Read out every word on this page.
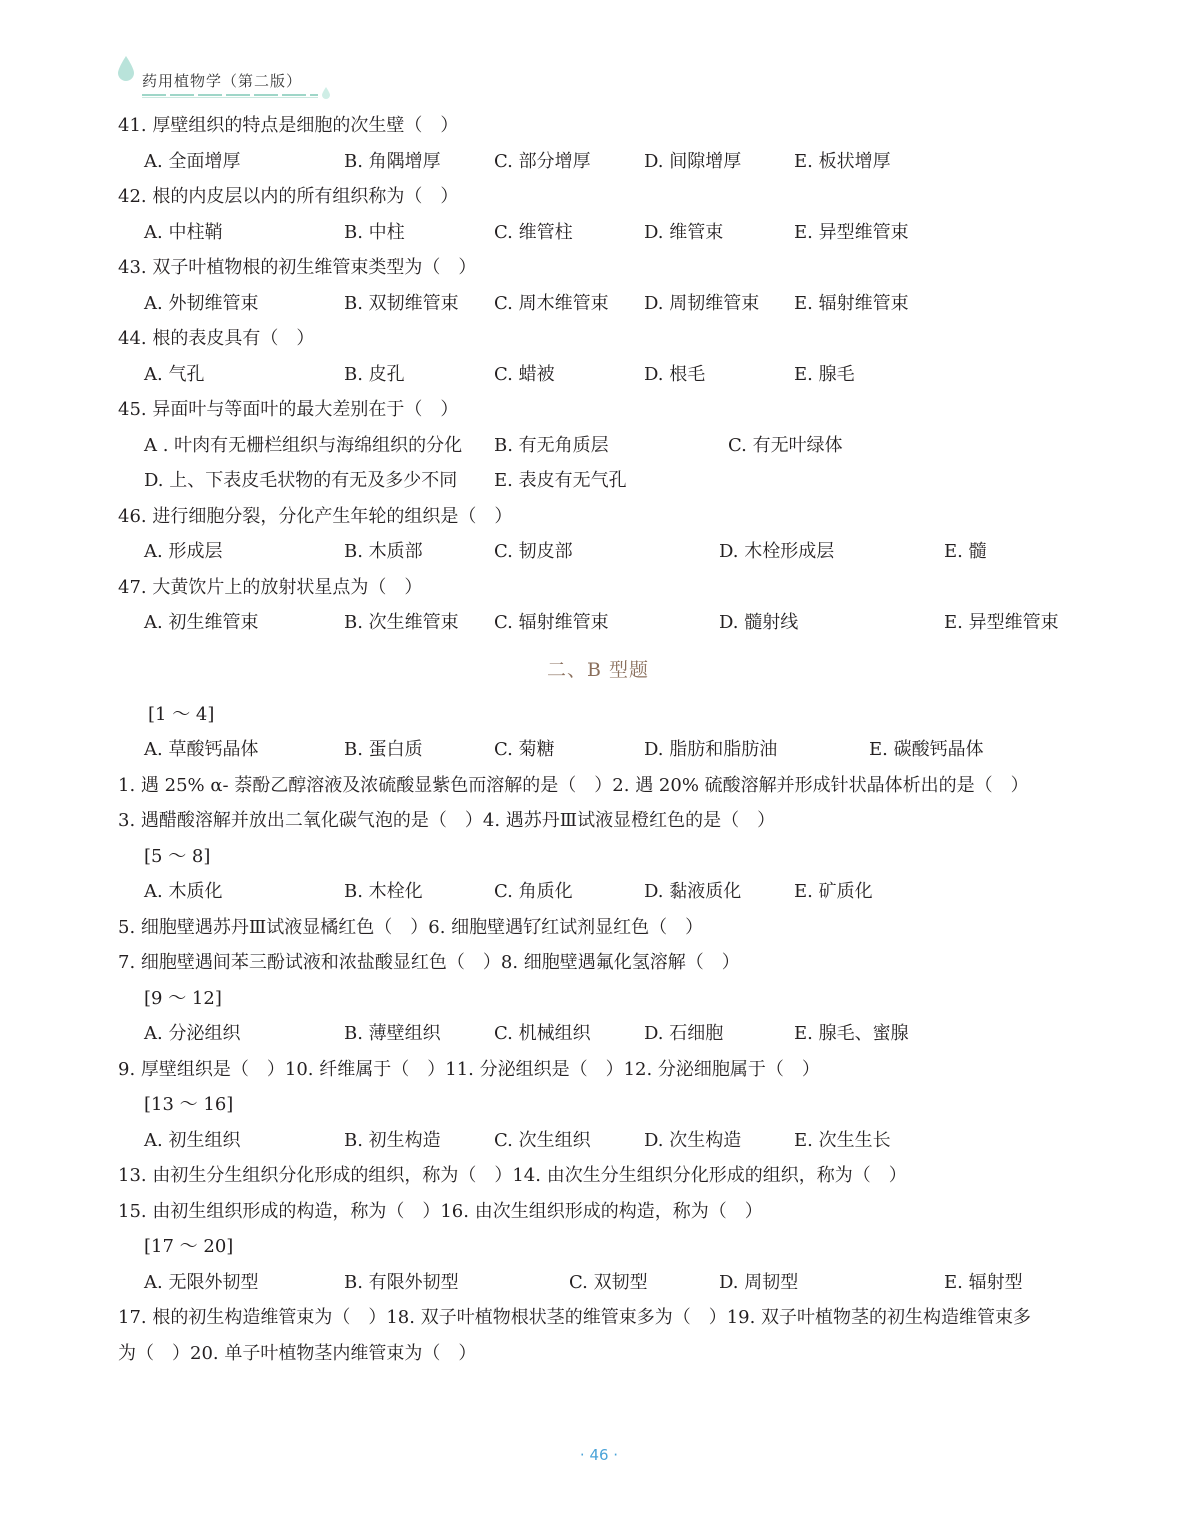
药用植物学（第二版）
41. 厚壁组织的特点是细胞的次生壁（　）
A. 全面增厚	B. 角隅增厚	C. 部分增厚	D. 间隙增厚	E. 板状增厚
42. 根的内皮层以内的所有组织称为（　）
A. 中柱鞘	B. 中柱	C. 维管柱	D. 维管束	E. 异型维管束
43. 双子叶植物根的初生维管束类型为（　）
A. 外韧维管束	B. 双韧维管束 C. 周木维管束 D. 周韧维管束 E. 辐射维管束
44. 根的表皮具有（　）
A. 气孔	B. 皮孔	C. 蜡被	D. 根毛	E. 腺毛
45. 异面叶与等面叶的最大差别在于（　）
A . 叶肉有无栅栏组织与海绵组织的分化 B. 有无角质层	C. 有无叶绿体
D. 上、下表皮毛状物的有无及多少不同 E. 表皮有无气孔
46. 进行细胞分裂，分化产生年轮的组织是（　）
A. 形成层	B. 木质部	C. 韧皮部	D. 木栓形成层	E. 髓
47. 大黄饮片上的放射状星点为（　）
A. 初生维管束	B. 次生维管束 C. 辐射维管束	D. 髓射线	E. 异型维管束
二、B 型题
[1 ～ 4]
A. 草酸钙晶体	B. 蛋白质	C. 菊糖	D. 脂肪和脂肪油	E. 碳酸钙晶体
1. 遇 25% α- 萘酚乙醇溶液及浓硫酸显紫色而溶解的是（　）2. 遇 20% 硫酸溶解并形成针状晶体析出的是（　）
3. 遇醋酸溶解并放出二氧化碳气泡的是（　）4. 遇苏丹Ⅲ试液显橙红色的是（　）
[5 ～ 8]
A. 木质化	B. 木栓化	C. 角质化	D. 黏液质化	E. 矿质化
5. 细胞壁遇苏丹Ⅲ试液显橘红色（　）6. 细胞壁遇钌红试剂显红色（　）
7. 细胞壁遇间苯三酚试液和浓盐酸显红色（　）8. 细胞壁遇氟化氢溶解（　）
[9 ～ 12]
A. 分泌组织	B. 薄壁组织	C. 机械组织	D. 石细胞	E. 腺毛、蜜腺
9. 厚壁组织是（　）10. 纤维属于（　）11. 分泌组织是（　）12. 分泌细胞属于（　）
[13 ～ 16]
A. 初生组织	B. 初生构造	C. 次生组织	D. 次生构造	E. 次生生长
13. 由初生分生组织分化形成的组织，称为（　）14. 由次生分生组织分化形成的组织，称为（　）
15. 由初生组织形成的构造，称为（　）16. 由次生组织形成的构造，称为（　）
[17 ～ 20]
A. 无限外韧型	B. 有限外韧型	C. 双韧型	D. 周韧型	E. 辐射型
17. 根的初生构造维管束为（　）18. 双子叶植物根状茎的维管束多为（　）19. 双子叶植物茎的初生构造维管束多
为（　）20. 单子叶植物茎内维管束为（　）
· 46 ·
